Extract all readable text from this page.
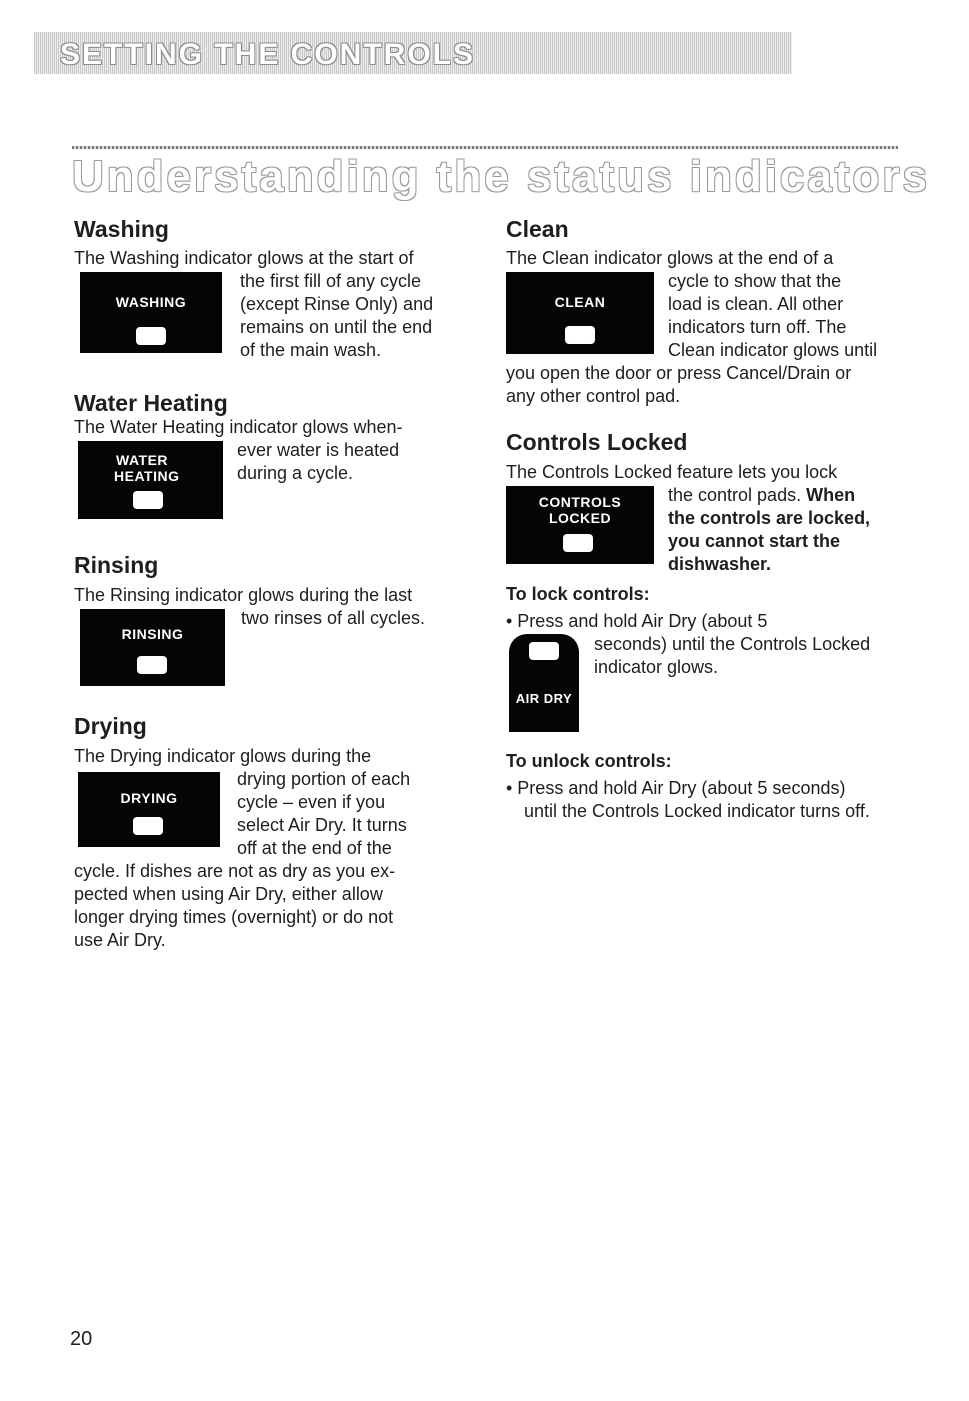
SETTING THE CONTROLS
Understanding the status indicators
Washing
The Washing indicator glows at the start of
WASHING
the first fill of any cycle
(except Rinse Only) and
remains on until the end
of the main wash.
Water Heating
The Water Heating indicator glows when-
WATER
HEATING
ever water is heated
during a cycle.
Rinsing
The Rinsing indicator glows during the last
RINSING
two rinses of all cycles.
Drying
The Drying indicator glows during the
DRYING
drying portion of each
cycle – even if you
select Air Dry. It turns
off at the end of the
cycle. If dishes are not as dry as you ex-
pected when using Air Dry, either allow
longer drying times (overnight) or do not
use Air Dry.
Clean
The Clean indicator glows at the end of a
CLEAN
cycle to show that the
load is clean. All other
indicators turn off. The
Clean indicator glows until
you open the door or press Cancel/Drain or
any other control pad.
Controls Locked
The Controls Locked feature lets you lock
CONTROLS
LOCKED
the control pads. When
the controls are locked,
you cannot start the
dishwasher.
To lock controls:
• Press and hold Air Dry (about 5
AIR DRY
seconds) until the Controls Locked
indicator glows.
To unlock controls:
• Press and hold Air Dry (about 5 seconds)
until the Controls Locked indicator turns off.
20
